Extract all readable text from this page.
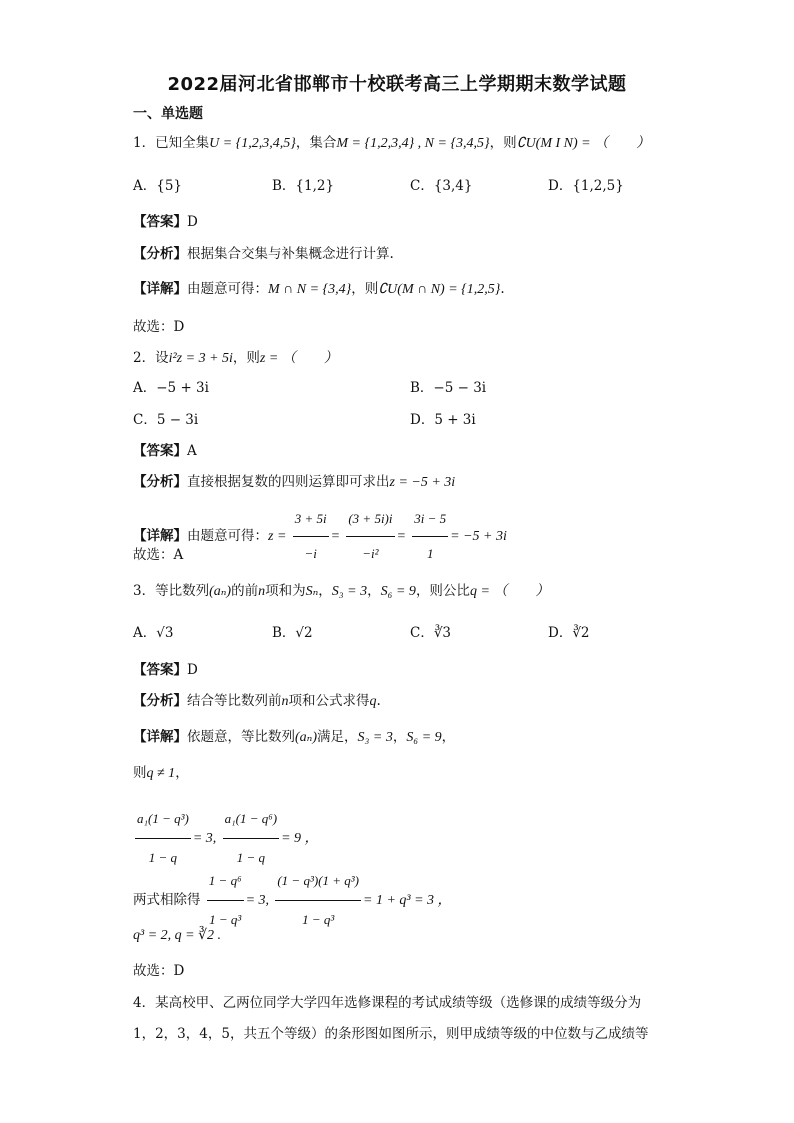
2022届河北省邯郸市十校联考高三上学期期末数学试题
一、单选题
1．已知全集U = {1,2,3,4,5}，集合M = {1,2,3,4} , N = {3,4,5}，则∁U(M I N) = （　　）
A．{5}	B．{1,2}	C．{3,4}	D．{1,2,5}
【答案】D
【分析】根据集合交集与补集概念进行计算.
【详解】由题意可得：M ∩ N = {3,4}，则∁U(M ∩ N) = {1,2,5}.
故选：D
2．设i²z = 3 + 5i，则z = （　　）
A．−5 + 3i	B．−5 − 3i
C．5 − 3i	D．5 + 3i
【答案】A
【分析】直接根据复数的四则运算即可求出z = −5 + 3i
【详解】由题意可得：$z = \frac{3 + 5i}{-i} = \frac{(3 + 5i)i}{\text{−i²}} = \frac{3i - 5}{1} = -5 + 3i$
故选：A
3．等比数列(aₙ)的前n项和为Sₙ，S₃ = 3，S₆ = 9，则公比q = （　　）
A．√3	B．√2	C．∛3	D．∛2
【答案】D
【分析】结合等比数列前n项和公式求得q.
【详解】依题意，等比数列(aₙ)满足，S₃ = 3，S₆ = 9，
则q ≠ 1，
$\frac{\text{a₁(1 − q³)}}{1 - q} = 3$, $\frac{\text{a₁(1 − q⁶)}}{1 - q} = 9$ ，
两式相除得 $\frac{\text{1 − q⁶}}{\text{1 − q³}} = 3$, $\frac{\text{(1 − q³)(1 + q³)}}{\text{1 − q³}} = 1 + q^3 = 3$ ，
q³ = 2, q = ∛2 .
故选：D
4．某高校甲、乙两位同学大学四年选修课程的考试成绩等级（选修课的成绩等级分为
1，2，3，4，5，共五个等级）的条形图如图所示，则甲成绩等级的中位数与乙成绩等
